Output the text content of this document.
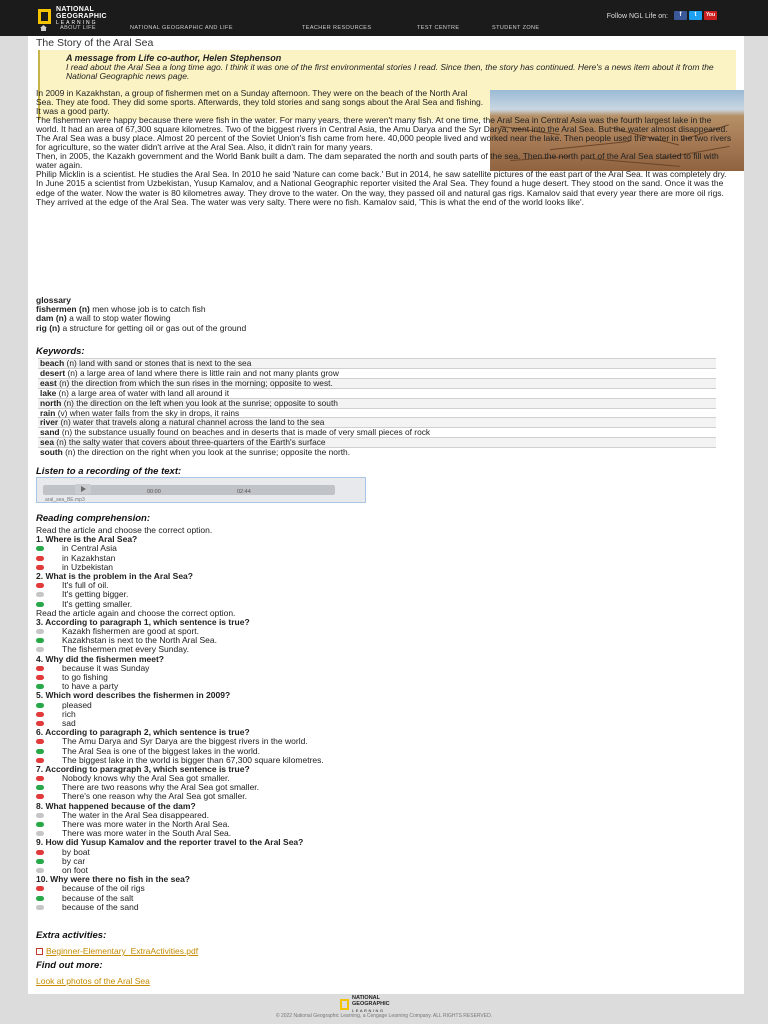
NATIONAL
GEOGRAPHIC
LEARNING
Follow NGL Life on:	f	t	You
ABOUT LIFE	NATIONAL GEOGRAPHIC AND LIFE	TEACHER RESOURCES	TEST CENTRE	STUDENT ZONE
The Story of the Aral Sea
A message from Life co-author, Helen Stephenson
I read about the Aral Sea a long time ago. I think it was one of the first environmental stories I read. Since then, the story has continued. Here's a news item about it from the National Geographic news page.

In 2009 in Kazakhstan, a group of fishermen met on a Sunday afternoon. They were on the beach of the North Aral Sea. They ate food. They did some sports. Afterwards, they told stories and sang songs about the Aral Sea and fishing. It was a good party.

The fishermen were happy because there were fish in the water. For many years, there weren't many fish. At one time, the Aral Sea in Central Asia was the fourth largest lake in the world. It had an area of 67,300 square kilometres. Two of the biggest rivers in Central Asia, the Amu Darya and the Syr Darya, went into the Aral Sea. But the water almost disappeared.

The Aral Sea was a busy place. Almost 20 percent of the Soviet Union's fish came from here. 40,000 people lived and worked near the lake. Then people used the water in the two rivers for agriculture, so the water didn't arrive at the Aral Sea. Also, it didn't rain for many years.

Then, in 2005, the Kazakh government and the World Bank built a dam. The dam separated the north and south parts of the sea. Then the north part of the Aral Sea started to fill with water again.

Philip Micklin is a scientist. He studies the Aral Sea. In 2010 he said 'Nature can come back.' But in 2014, he saw satellite pictures of the east part of the Aral Sea. It was completely dry.

In June 2015 a scientist from Uzbekistan, Yusup Kamalov, and a National Geographic reporter visited the Aral Sea. They found a huge desert. They stood on the sand. Once it was the edge of the water. Now the water is 80 kilometres away. They drove to the water. On the way, they passed oil and natural gas rigs. Kamalov said that every year there are more oil rigs. They arrived at the edge of the Aral Sea. The water was very salty. There were no fish. Kamalov said, 'This is what the end of the world looks like'.

glossary
fishermen (n) men whose job is to catch fish
dam (n) a wall to stop water flowing
rig (n) a structure for getting oil or gas out of the ground
Keywords:
beach (n) land with sand or stones that is next to the sea
desert (n) a large area of land where there is little rain and not many plants grow
east (n) the direction from which the sun rises in the morning; opposite to west.
lake (n) a large area of water with land all around it
north (n) the direction on the left when you look at the sunrise; opposite to south
rain (v) when water falls from the sky in drops, it rains
river (n) water that travels along a natural channel across the land to the sea
sand (n) the substance usually found on beaches and in deserts that is made of very small pieces of rock
sea (n) the salty water that covers about three-quarters of the Earth's surface
south (n) the direction on the right when you look at the sunrise; opposite the north.
Listen to a recording of the text:
00:00	02:44
aral_sea_BE.mp3
Reading comprehension:
Read the article and choose the correct option.
1. Where is the Aral Sea?
in Central Asia
in Kazakhstan
in Uzbekistan
2. What is the problem in the Aral Sea?
It's full of oil.
It's getting bigger.
It's getting smaller.
Read the article again and choose the correct option.
3. According to paragraph 1, which sentence is true?
Kazakh fishermen are good at sport.
Kazakhstan is next to the North Aral Sea.
The fishermen met every Sunday.
4. Why did the fishermen meet?
because it was Sunday
to go fishing
to have a party
5. Which word describes the fishermen in 2009?
pleased
rich
sad
6. According to paragraph 2, which sentence is true?
The Amu Darya and Syr Darya are the biggest rivers in the world.
The Aral Sea is one of the biggest lakes in the world.
The biggest lake in the world is bigger than 67,300 square kilometres.
7. According to paragraph 3, which sentence is true?
Nobody knows why the Aral Sea got smaller.
There are two reasons why the Aral Sea got smaller.
There's one reason why the Aral Sea got smaller.
8. What happened because of the dam?
The water in the Aral Sea disappeared.
There was more water in the North Aral Sea.
There was more water in the South Aral Sea.
9. How did Yusup Kamalov and the reporter travel to the Aral Sea?
by boat
by car
on foot
10. Why were there no fish in the sea?
because of the oil rigs
because of the salt
because of the sand
Extra activities:
Beginner-Elementary_ExtraActivities.pdf
Find out more:
Look at photos of the Aral Sea
NATIONAL
GEOGRAPHIC
LEARNING
© 2022 National Geographic Learning, a Cengage Learning Company. ALL RIGHTS RESERVED.
